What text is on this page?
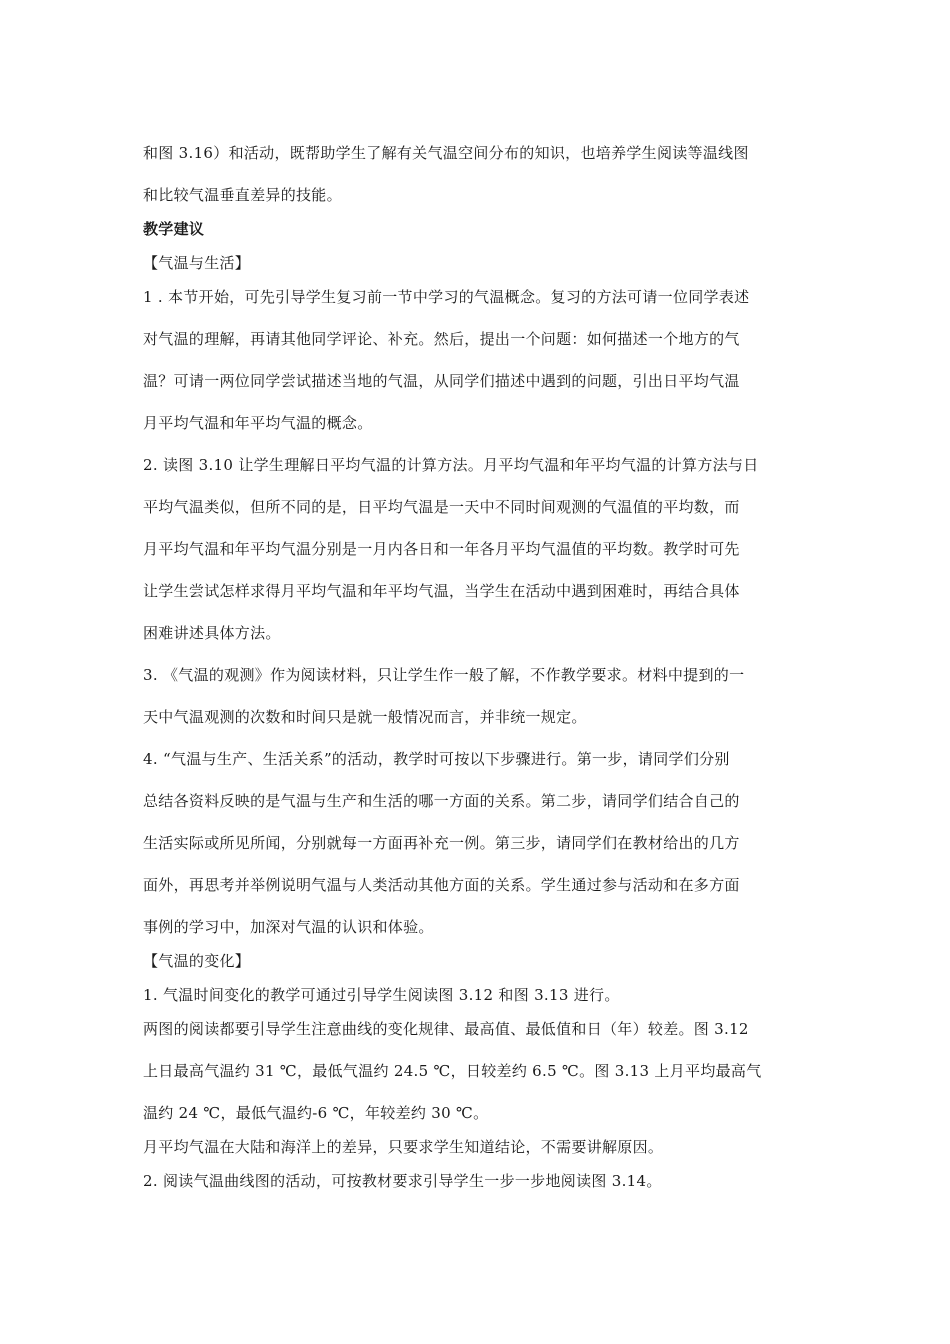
和图 3.16）和活动，既帮助学生了解有关气温空间分布的知识，也培养学生阅读等温线图
和比较气温垂直差异的技能。
教学建议
【气温与生活】
1 . 本节开始，可先引导学生复习前一节中学习的气温概念。复习的方法可请一位同学表述
对气温的理解，再请其他同学评论、补充。然后，提出一个问题：如何描述一个地方的气
温？可请一两位同学尝试描述当地的气温，从同学们描述中遇到的问题，引出日平均气温
月平均气温和年平均气温的概念。
2. 读图 3.10 让学生理解日平均气温的计算方法。月平均气温和年平均气温的计算方法与日
平均气温类似，但所不同的是，日平均气温是一天中不同时间观测的气温值的平均数，而
月平均气温和年平均气温分别是一月内各日和一年各月平均气温值的平均数。教学时可先
让学生尝试怎样求得月平均气温和年平均气温，当学生在活动中遇到困难时，再结合具体
困难讲述具体方法。
3. 《气温的观测》作为阅读材料，只让学生作一般了解，不作教学要求。材料中提到的一
天中气温观测的次数和时间只是就一般情况而言，并非统一规定。
4. “气温与生产、生活关系”的活动，教学时可按以下步骤进行。第一步，请同学们分别
总结各资料反映的是气温与生产和生活的哪一方面的关系。第二步，请同学们结合自己的
生活实际或所见所闻，分别就每一方面再补充一例。第三步，请同学们在教材给出的几方
面外，再思考并举例说明气温与人类活动其他方面的关系。学生通过参与活动和在多方面
事例的学习中，加深对气温的认识和体验。
【气温的变化】
1. 气温时间变化的教学可通过引导学生阅读图 3.12 和图 3.13 进行。
两图的阅读都要引导学生注意曲线的变化规律、最高值、最低值和日（年）较差。图 3.12
上日最高气温约 31 ℃，最低气温约 24.5 ℃，日较差约 6.5 ℃。图 3.13 上月平均最高气
温约 24 ℃，最低气温约-6 ℃，年较差约 30 ℃。
月平均气温在大陆和海洋上的差异，只要求学生知道结论，不需要讲解原因。
2. 阅读气温曲线图的活动，可按教材要求引导学生一步一步地阅读图 3.14。
